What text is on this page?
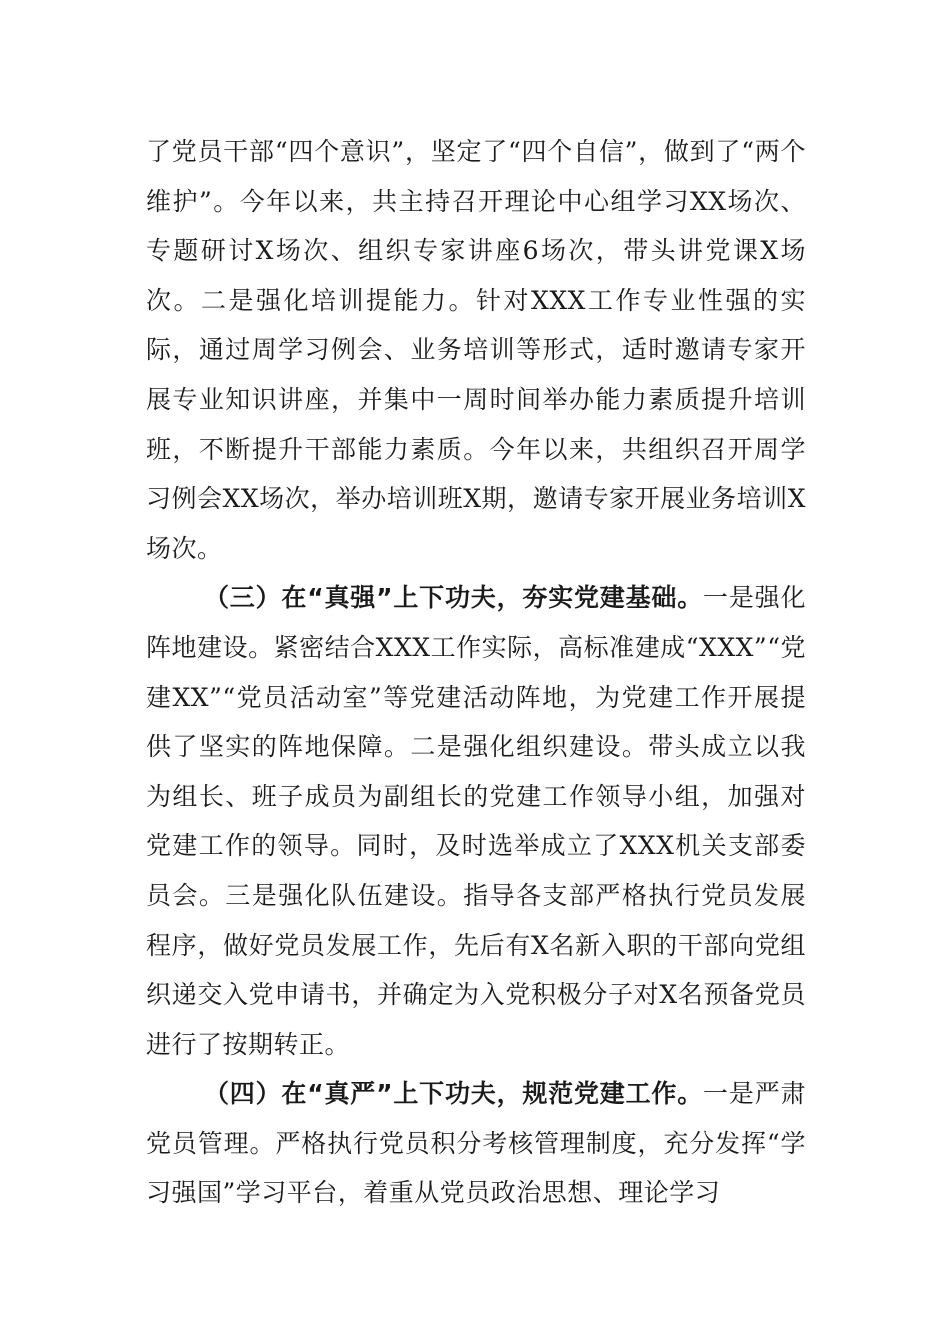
了党员干部“四个意识”，坚定了“四个自信”，做到了“两个维护”。今年以来，共主持召开理论中心组学习XX场次、专题研讨X场次、组织专家讲座6场次，带头讲党课X场次。二是强化培训提能力。针对XXX工作专业性强的实际，通过周学习例会、业务培训等形式，适时邀请专家开展专业知识讲座，并集中一周时间举办能力素质提升培训班，不断提升干部能力素质。今年以来，共组织召开周学习例会XX场次，举办培训班X期，邀请专家开展业务培训X场次。

（三）在“真强”上下功夫，夯实党建基础。一是强化阵地建设。紧密结合XXX工作实际，高标准建成“XXX”“党建XX”“党员活动室”等党建活动阵地，为党建工作开展提供了坚实的阵地保障。二是强化组织建设。带头成立以我为组长、班子成员为副组长的党建工作领导小组，加强对党建工作的领导。同时，及时选举成立了XXX机关支部委员会。三是强化队伍建设。指导各支部严格执行党员发展程序，做好党员发展工作，先后有X名新入职的干部向党组织递交入党申请书，并确定为入党积极分子对X名预备党员进行了按期转正。

（四）在“真严”上下功夫，规范党建工作。一是严肃党员管理。严格执行党员积分考核管理制度，充分发挥“学习强国”学习平台，着重从党员政治思想、理论学习
